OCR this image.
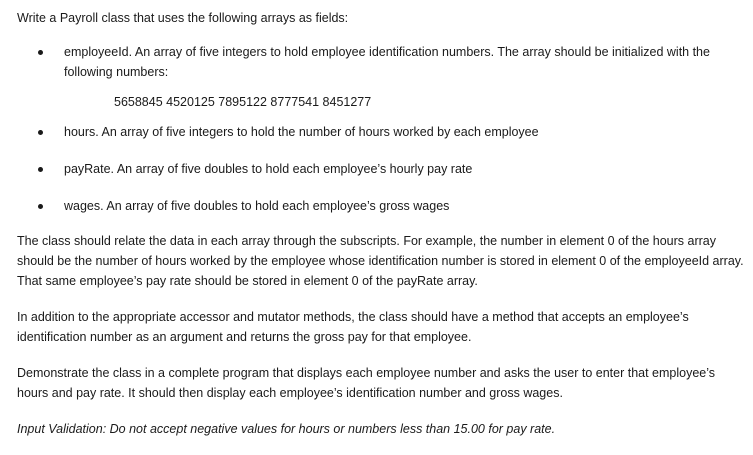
Write a Payroll class that uses the following arrays as fields:

employeeId. An array of five integers to hold employee identification numbers. The array should be initialized with the following numbers:
5658845 4520125 7895122 8777541 8451277
hours. An array of five integers to hold the number of hours worked by each employee
payRate. An array of five doubles to hold each employee’s hourly pay rate
wages. An array of five doubles to hold each employee’s gross wages

The class should relate the data in each array through the subscripts. For example, the number in element 0 of the hours array should be the number of hours worked by the employee whose identification number is stored in element 0 of the employeeId array. That same employee’s pay rate should be stored in element 0 of the payRate array.

In addition to the appropriate accessor and mutator methods, the class should have a method that accepts an employee’s identification number as an argument and returns the gross pay for that employee.

Demonstrate the class in a complete program that displays each employee number and asks the user to enter that employee’s hours and pay rate. It should then display each employee’s identification number and gross wages.

Input Validation: Do not accept negative values for hours or numbers less than 15.00 for pay rate.
